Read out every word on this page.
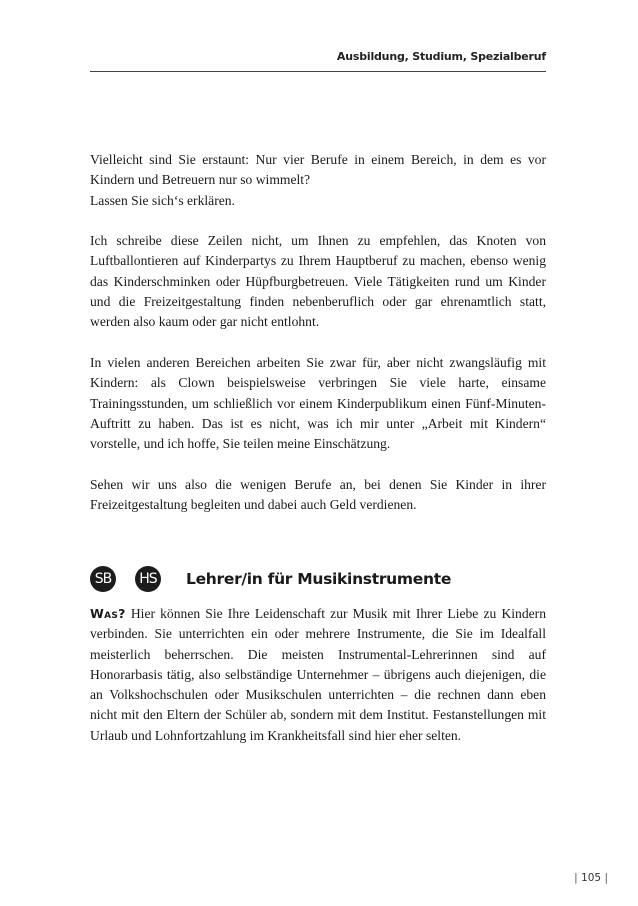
Ausbildung, Studium, Spezialberuf

Vielleicht sind Sie erstaunt: Nur vier Berufe in einem Bereich, in dem es vor Kindern und Betreuern nur so wimmelt?
Lassen Sie sich‘s erklären.

Ich schreibe diese Zeilen nicht, um Ihnen zu empfehlen, das Knoten von Luftballontieren auf Kinderpartys zu Ihrem Hauptberuf zu machen, ebenso wenig das Kinderschminken oder Hüpfburgbetreuen. Viele Tätigkeiten rund um Kinder und die Freizeitgestaltung finden nebenberuflich oder gar ehrenamtlich statt, werden also kaum oder gar nicht entlohnt.

In vielen anderen Bereichen arbeiten Sie zwar für, aber nicht zwangsläufig mit Kindern: als Clown beispielsweise verbringen Sie viele harte, einsame Trainingsstunden, um schließlich vor einem Kinderpublikum einen Fünf-Minuten-Auftritt zu haben. Das ist es nicht, was ich mir unter „Arbeit mit Kindern“ vorstelle, und ich hoffe, Sie teilen meine Einschätzung.

Sehen wir uns also die wenigen Berufe an, bei denen Sie Kinder in ihrer Freizeitgestaltung begleiten und dabei auch Geld verdienen.

SB	HS Lehrer/in für Musikinstrumente
Was? Hier können Sie Ihre Leidenschaft zur Musik mit Ihrer Liebe zu Kindern verbinden. Sie unterrichten ein oder mehrere Instrumente, die Sie im Idealfall meisterlich beherrschen. Die meisten Instrumental-Lehrerinnen sind auf Honorarbasis tätig, also selbständige Unternehmer – übrigens auch diejenigen, die an Volkshochschulen oder Musikschulen unterrichten – die rechnen dann eben nicht mit den Eltern der Schüler ab, sondern mit dem Institut. Festanstellungen mit Urlaub und Lohnfortzahlung im Krankheitsfall sind hier eher selten.
| 105 |
